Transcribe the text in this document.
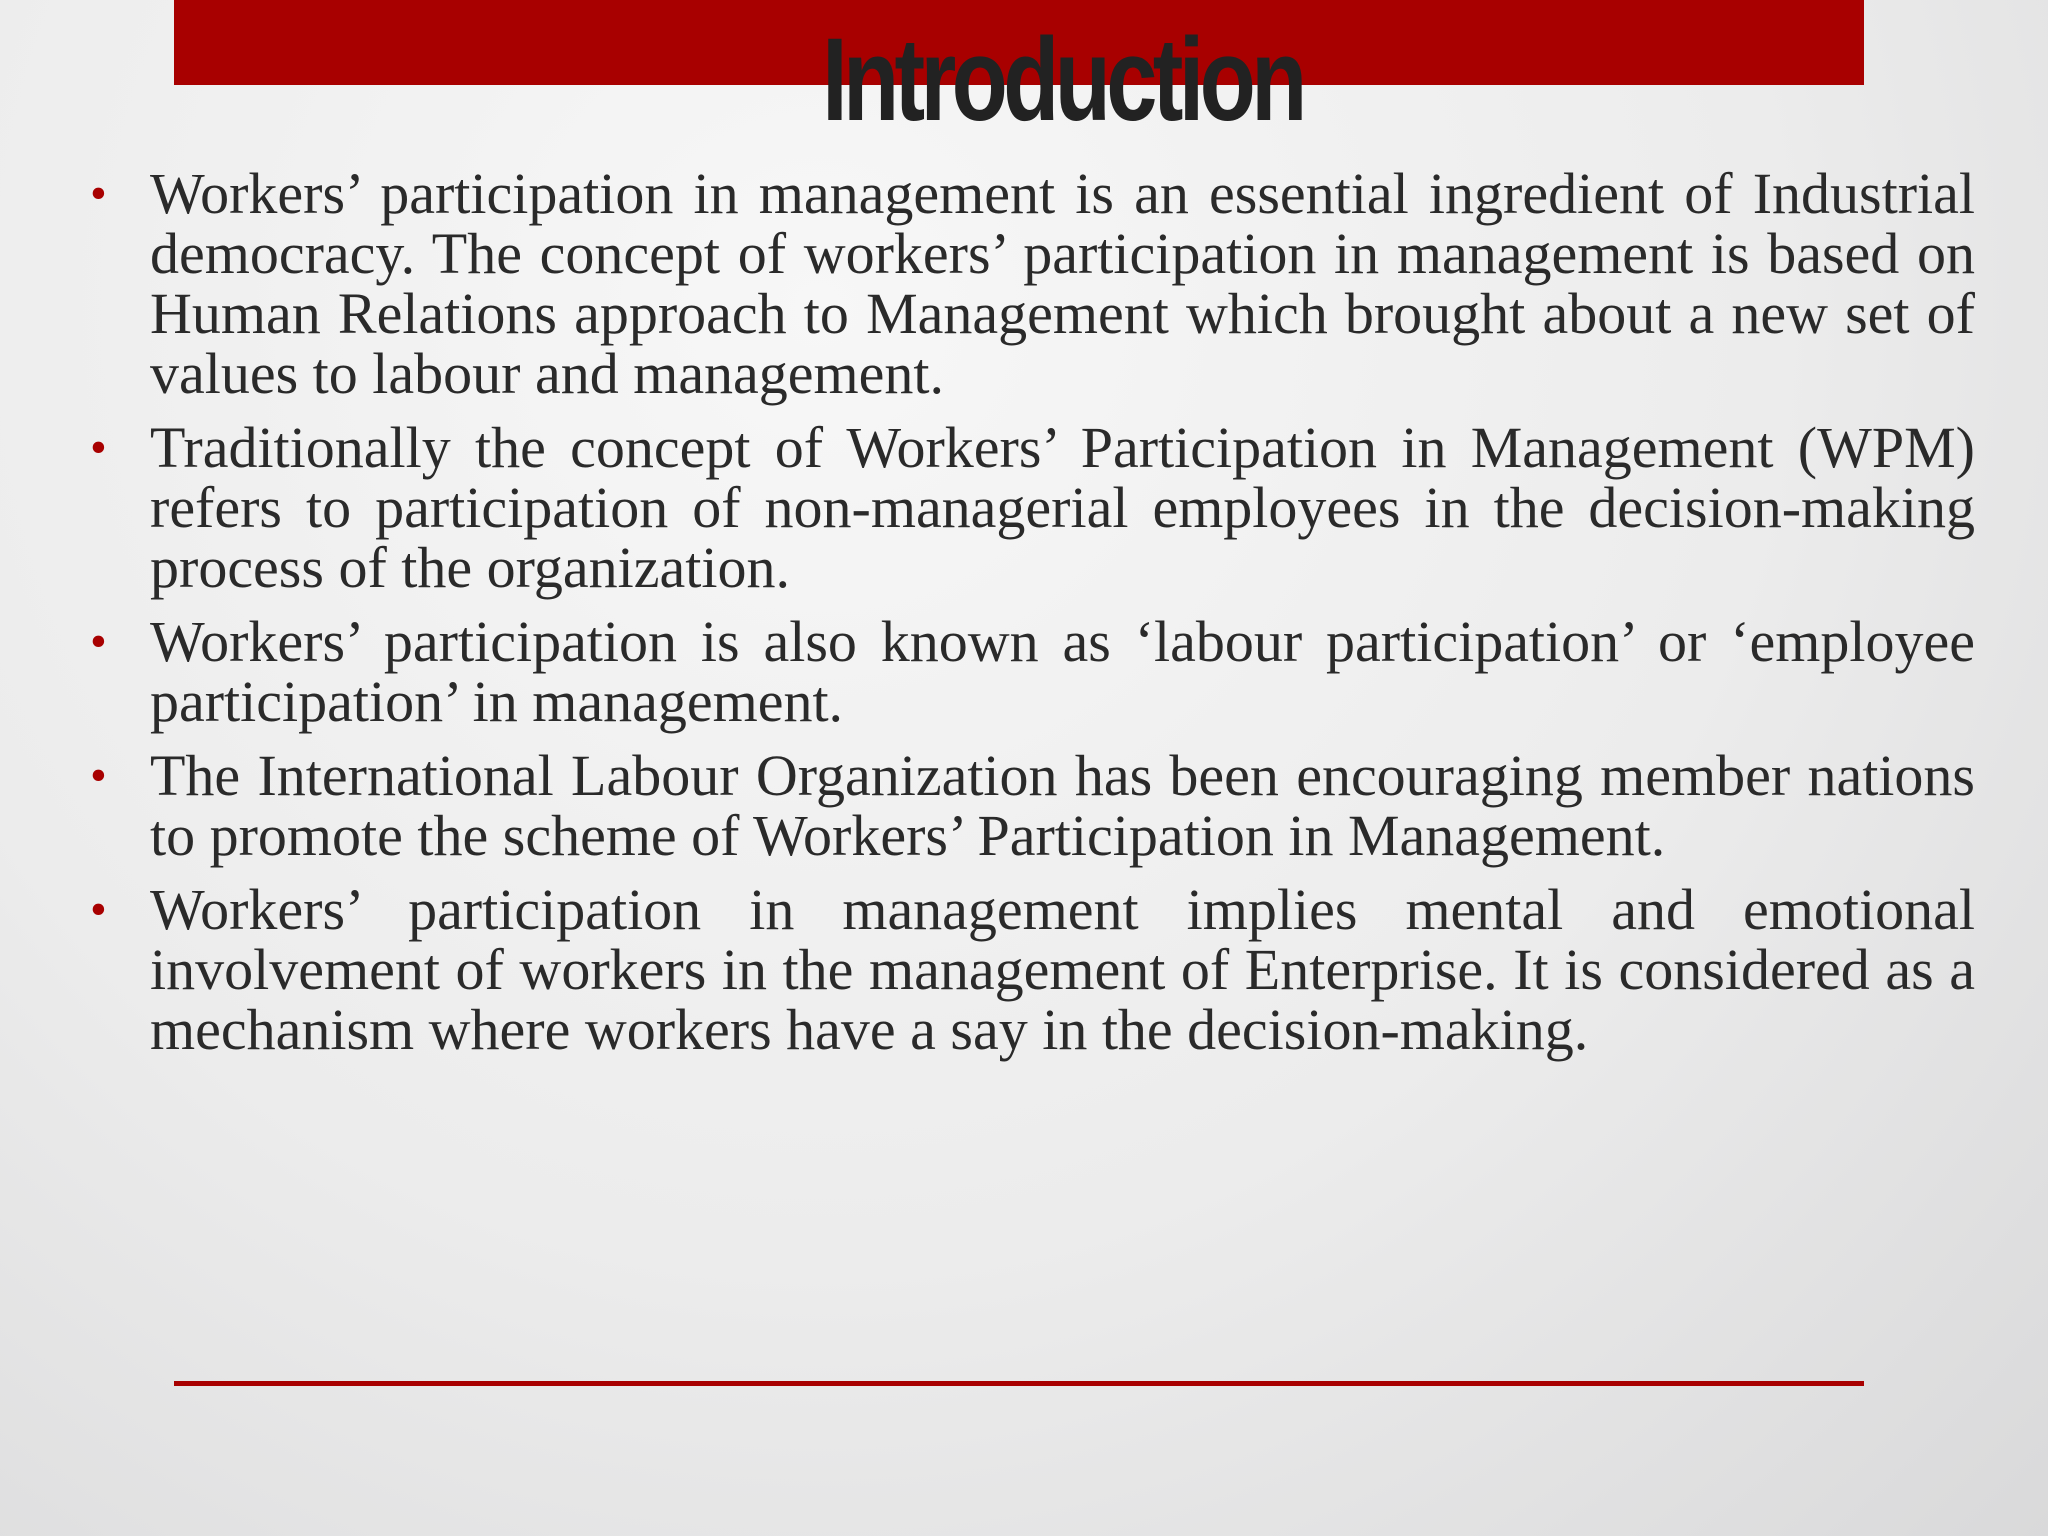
Introduction
• Workers’ participation in management is an essential ingredient of Industrial democracy. The concept of workers’ participation in management is based on Human Relations approach to Management which brought about a new set of values to labour and management.
• Traditionally the concept of Workers’ Participation in Management (WPM) refers to participation of non-managerial employees in the decision-making process of the organization.
• Workers’ participation is also known as ‘labour participation’ or ‘employee participation’ in management.
• The International Labour Organization has been encouraging member nations to promote the scheme of Workers’ Participation in Management.
• Workers’ participation in management implies mental and emotional involvement of workers in the management of Enterprise. It is considered as a mechanism where workers have a say in the decision-making.
